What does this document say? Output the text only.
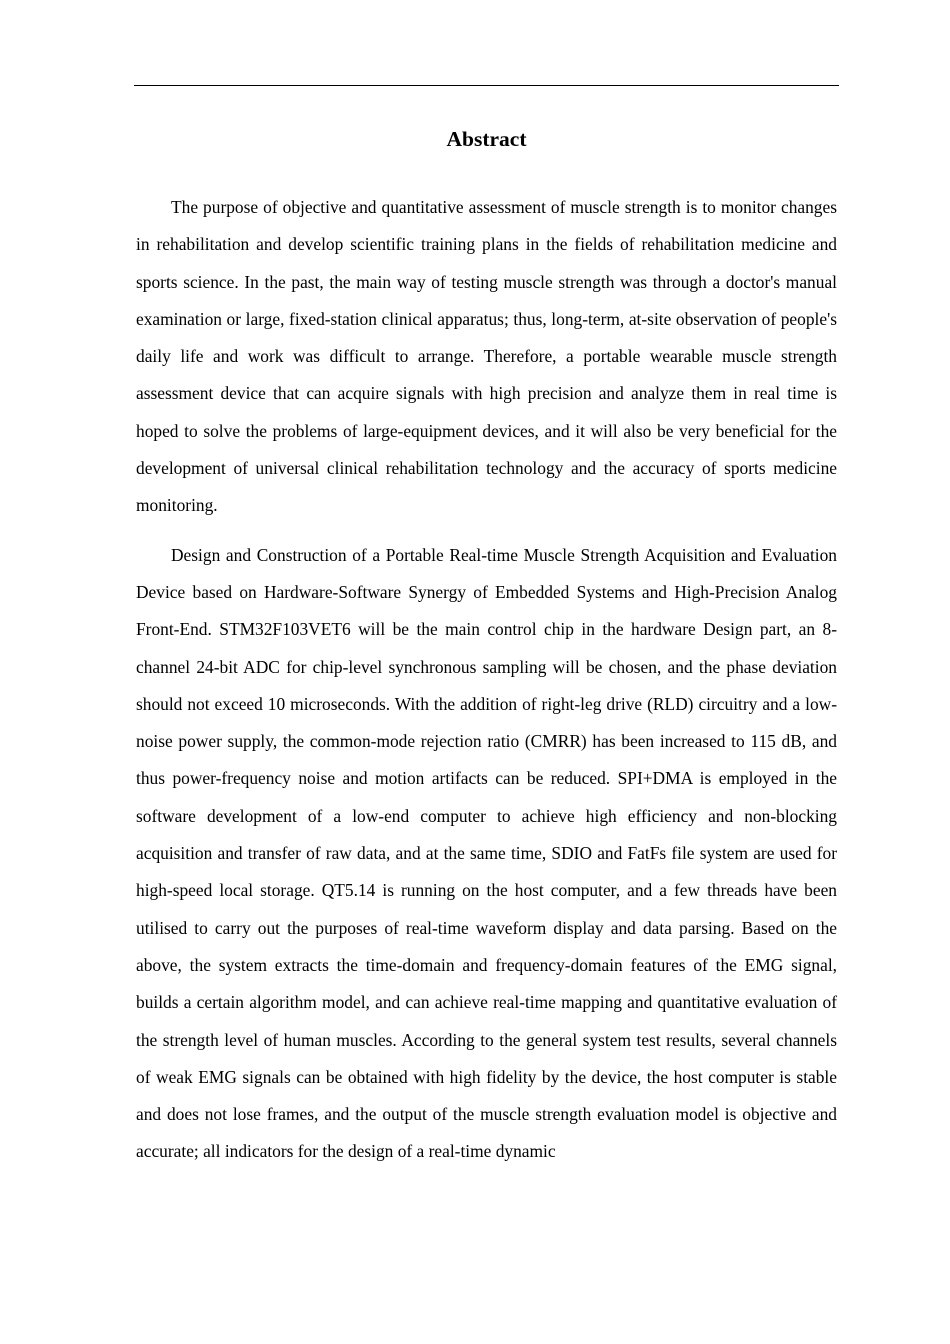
Abstract

The purpose of objective and quantitative assessment of muscle strength is to monitor changes in rehabilitation and develop scientific training plans in the fields of rehabilitation medicine and sports science. In the past, the main way of testing muscle strength was through a doctor's manual examination or large, fixed-station clinical apparatus; thus, long-term, at-site observation of people's daily life and work was difficult to arrange. Therefore, a portable wearable muscle strength assessment device that can acquire signals with high precision and analyze them in real time is hoped to solve the problems of large-equipment devices, and it will also be very beneficial for the development of universal clinical rehabilitation technology and the accuracy of sports medicine monitoring.

Design and Construction of a Portable Real-time Muscle Strength Acquisition and Evaluation Device based on Hardware-Software Synergy of Embedded Systems and High-Precision Analog Front-End. STM32F103VET6 will be the main control chip in the hardware Design part, an 8-channel 24-bit ADC for chip-level synchronous sampling will be chosen, and the phase deviation should not exceed 10 microseconds. With the addition of right-leg drive (RLD) circuitry and a low-noise power supply, the common-mode rejection ratio (CMRR) has been increased to 115 dB, and thus power-frequency noise and motion artifacts can be reduced. SPI+DMA is employed in the software development of a low-end computer to achieve high efficiency and non-blocking acquisition and transfer of raw data, and at the same time, SDIO and FatFs file system are used for high-speed local storage. QT5.14 is running on the host computer, and a few threads have been utilised to carry out the purposes of real-time waveform display and data parsing. Based on the above, the system extracts the time-domain and frequency-domain features of the EMG signal, builds a certain algorithm model, and can achieve real-time mapping and quantitative evaluation of the strength level of human muscles. According to the general system test results, several channels of weak EMG signals can be obtained with high fidelity by the device, the host computer is stable and does not lose frames, and the output of the muscle strength evaluation model is objective and accurate; all indicators for the design of a real-time dynamic
